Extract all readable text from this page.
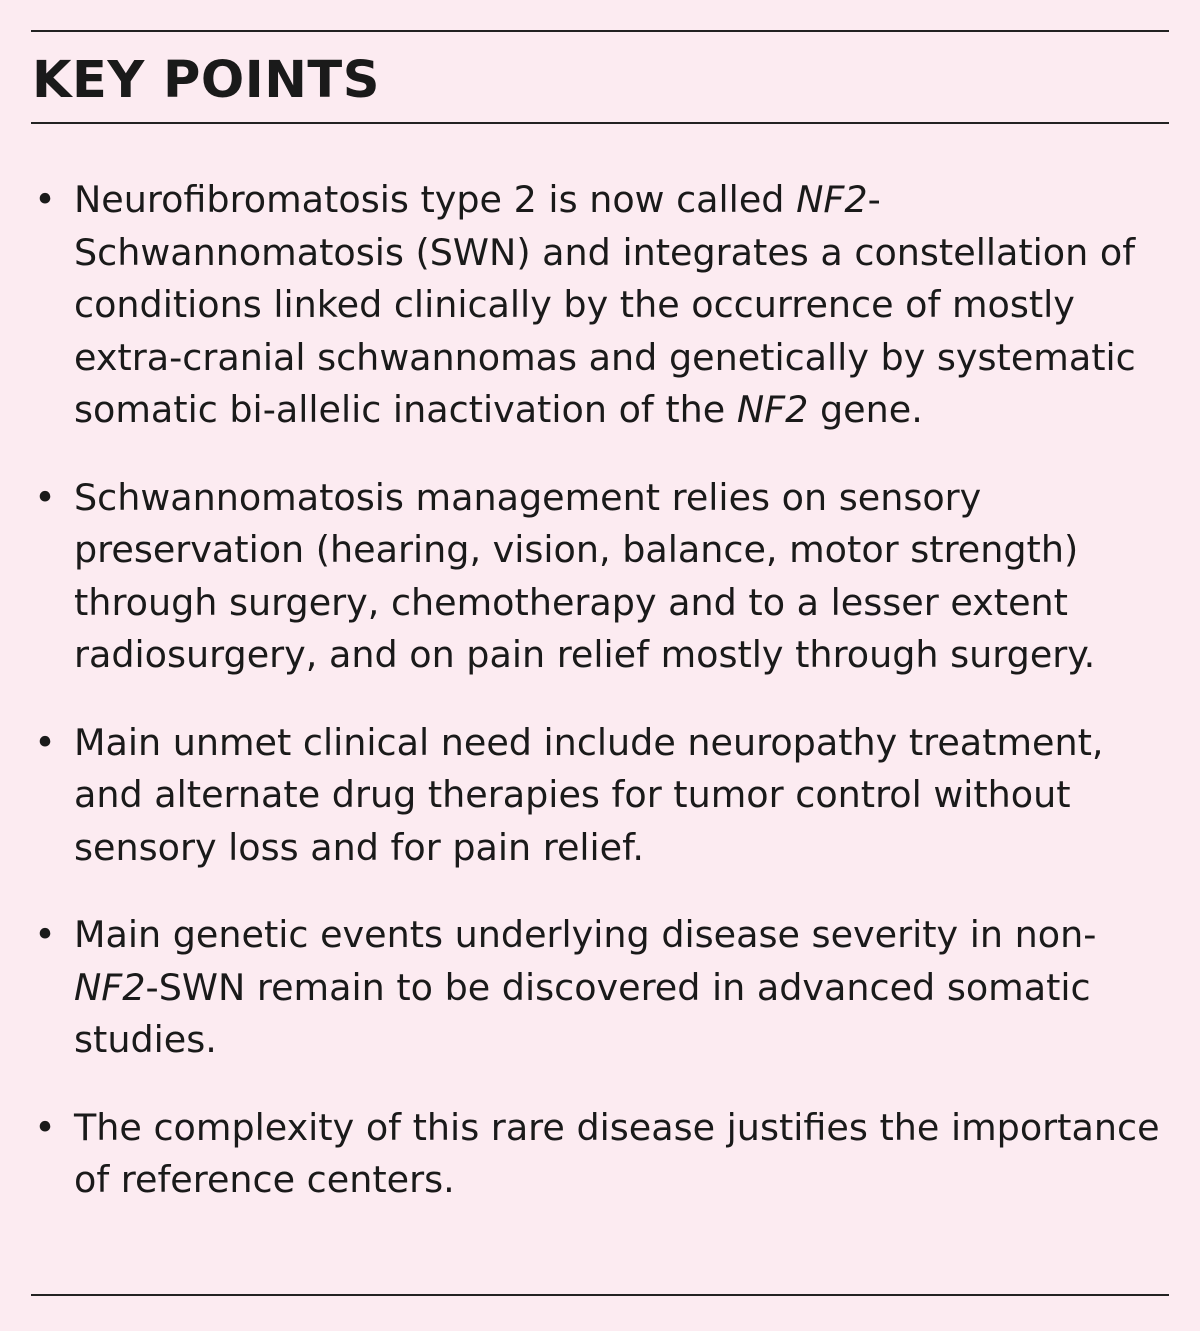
KEY POINTS
• Neurofibromatosis type 2 is now called NF2-Schwannomatosis (SWN) and integrates a constellation of conditions linked clinically by the occurrence of mostly extra-cranial schwannomas and genetically by systematic somatic bi-allelic inactivation of the NF2 gene.
• Schwannomatosis management relies on sensory preservation (hearing, vision, balance, motor strength) through surgery, chemotherapy and to a lesser extent radiosurgery, and on pain relief mostly through surgery.
• Main unmet clinical need include neuropathy treatment, and alternate drug therapies for tumor control without sensory loss and for pain relief.
• Main genetic events underlying disease severity in non-NF2-SWN remain to be discovered in advanced somatic studies.
• The complexity of this rare disease justifies the importance of reference centers.
